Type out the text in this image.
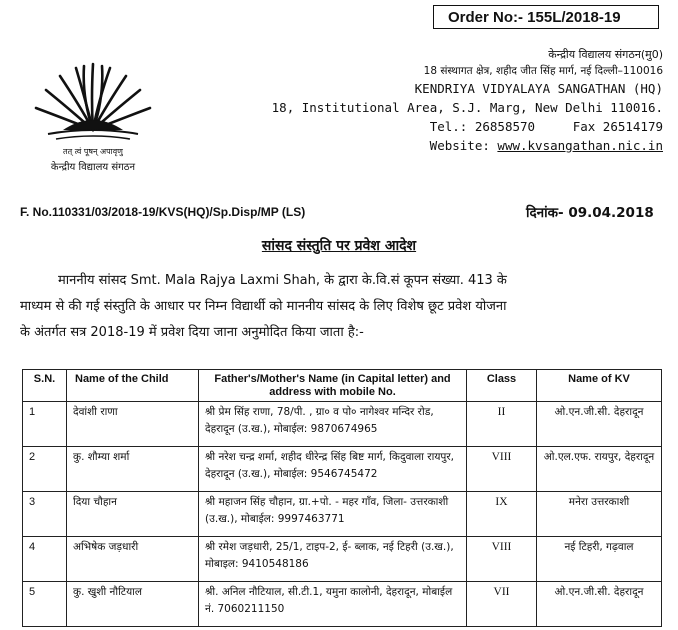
Order No:- 155L/2018-19
तत् त्वं पूषन् अपावृणु
केन्द्रीय विद्यालय संगठन
केन्द्रीय विद्यालय संगठन(मु0)
18 संस्थागत क्षेत्र, शहीद जीत सिंह मार्ग, नई दिल्ली–110016
KENDRIYA VIDYALAYA SANGATHAN (HQ)
18, Institutional Area, S.J. Marg, New Delhi 110016.
Tel.: 26858570     Fax 26514179
Website: www.kvsangathan.nic.in
F. No.110331/03/2018-19/KVS(HQ)/Sp.Disp/MP (LS)	दिनांक- 09.04.2018
सांसद संस्तुति पर प्रवेश आदेश
माननीय सांसद Smt. Mala Rajya Laxmi Shah, के द्वारा के.वि.सं कूपन संख्या. 413 के
माध्यम से की गई संस्तुति के आधार पर निम्न विद्यार्थी को माननीय सांसद के लिए विशेष छूट प्रवेश योजना
के अंतर्गत सत्र 2018-19 में प्रवेश दिया जाना अनुमोदित किया जाता है:-
S.N.	Name of the Child	Father's/Mother's Name (in Capital letter) and address with mobile No.	Class	Name of KV
1	देवांशी राणा	श्री प्रेम सिंह राणा, 78/पी. , ग्रा० व पो० नागेश्वर मन्दिर रोड, देहरादून (उ.ख.), मोबाईल: 9870674965	II	ओ.एन.जी.सी. देहरादून
2	कु. शौम्या शर्मा	श्री नरेश चन्द्र शर्मा, शहीद धीरेन्द्र सिंह बिष्ट मार्ग, किदुवाला रायपुर, देहरादून (उ.ख.), मोबाईल: 9546745472	VIII	ओ.एल.एफ. रायपुर, देहरादून
3	दिया चौहान	श्री महाजन सिंह चौहान, ग्रा.+पो. - महर गाँव, जिला- उत्तरकाशी (उ.ख.), मोबाईल: 9997463771	IX	मनेरा उत्तरकाशी
4	अभिषेक जड़धारी	श्री रमेश जड़धारी, 25/1, टाइप-2, ई- ब्लाक, नई टिहरी (उ.ख.), मोबाइल: 9410548186	VIII	नई टिहरी, गढ़वाल
5	कु. खुशी नौटियाल	श्री. अनिल नौटियाल, सी.टी.1, यमुना कालोनी, देहरादून, मोबाईल नं. 7060211150	VII	ओ.एन.जी.सी. देहरादून
